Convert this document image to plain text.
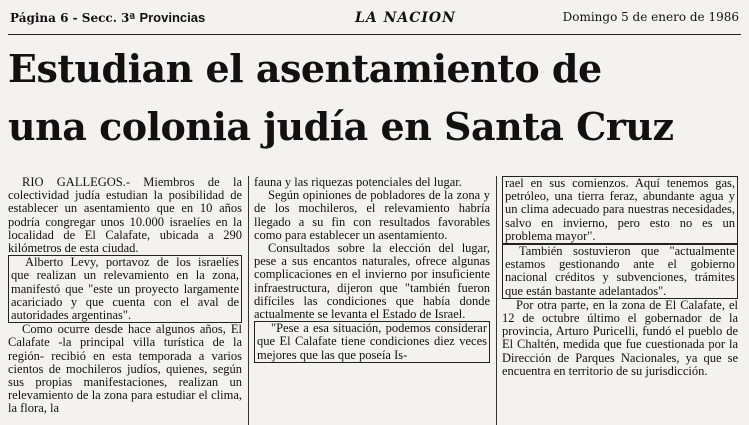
Página 6 - Secc. 3ª Provincias	LA NACION	Domingo 5 de enero de 1986
Estudian el asentamiento de
una colonia judía en Santa Cruz

RIO GALLEGOS.- Miembros de la colectividad judía estudian la posibilidad de establecer un asentamiento que en 10 años podría congregar unos 10.000 israelíes en la localidad de El Calafate, ubicada a 290 kilómetros de esta ciudad.

Alberto Levy, portavoz de los israelíes que realizan un relevamiento en la zona, manifestó que "este un proyecto largamente acariciado y que cuenta con el aval de autoridades argentinas".

Como ocurre desde hace algunos años, El Calafate -la principal villa turística de la región- recibió en esta temporada a varios cientos de mochileros judíos, quienes, según sus propias manifestaciones, realizan un relevamiento de la zona para estudiar el clima, la flora, la

fauna y las riquezas potenciales del lugar.

Según opiniones de pobladores de la zona y de los mochileros, el relevamiento habría llegado a su fin con resultados favorables como para establecer un asentamiento.

Consultados sobre la elección del lugar, pese a sus encantos naturales, ofrece algunas complicaciones en el invierno por insuficiente infraestructura, dijeron que "también fueron difíciles las condiciones que había donde actualmente se levanta el Estado de Israel.

"Pese a esa situación, podemos considerar que El Calafate tiene condiciones diez veces mejores que las que poseía Is-

rael en sus comienzos. Aquí tenemos gas, petróleo, una tierra feraz, abundante agua y un clima adecuado para nuestras necesidades, salvo en invierno, pero esto no es un problema mayor".

También sostuvieron que "actualmente estamos gestionando ante el gobierno nacional créditos y subvenciones, trámites que están bastante adelantados".

Por otra parte, en la zona de El Calafate, el 12 de octubre último el gobernador de la provincia, Arturo Puricelli, fundó el pueblo de El Chaltén, medida que fue cuestionada por la Dirección de Parques Nacionales, ya que se encuentra en territorio de su jurisdicción.
